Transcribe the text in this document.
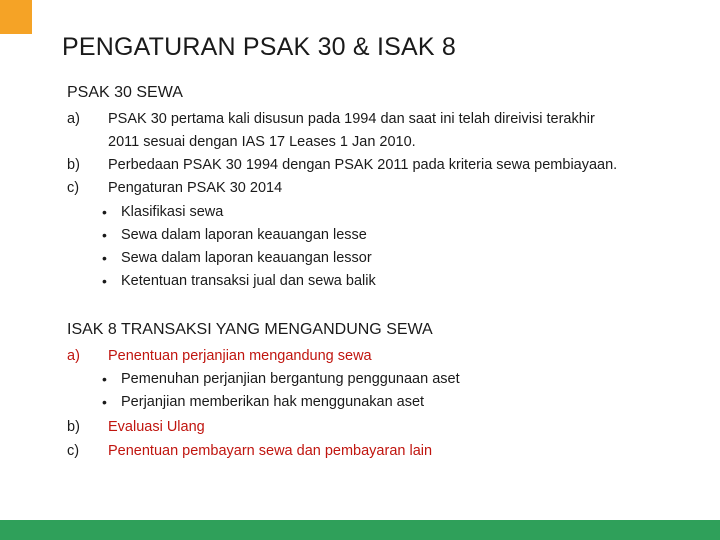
PENGATURAN PSAK 30 & ISAK 8
PSAK 30 SEWA
a) PSAK 30 pertama kali disusun pada 1994 dan saat ini telah direivisi terakhir
2011 sesuai dengan IAS 17 Leases 1 Jan 2010.
b) Perbedaan PSAK 30 1994 dengan PSAK 2011 pada kriteria sewa pembiayaan.
c) Pengaturan PSAK 30 2014
• Klasifikasi sewa
• Sewa dalam laporan keauangan lesse
• Sewa dalam laporan keauangan lessor
• Ketentuan transaksi jual dan sewa balik
ISAK 8 TRANSAKSI YANG MENGANDUNG SEWA
a) Penentuan perjanjian mengandung sewa
• Pemenuhan perjanjian bergantung penggunaan aset
• Perjanjian memberikan hak menggunakan aset
b) Evaluasi Ulang
c) Penentuan pembayarn sewa dan pembayaran lain
